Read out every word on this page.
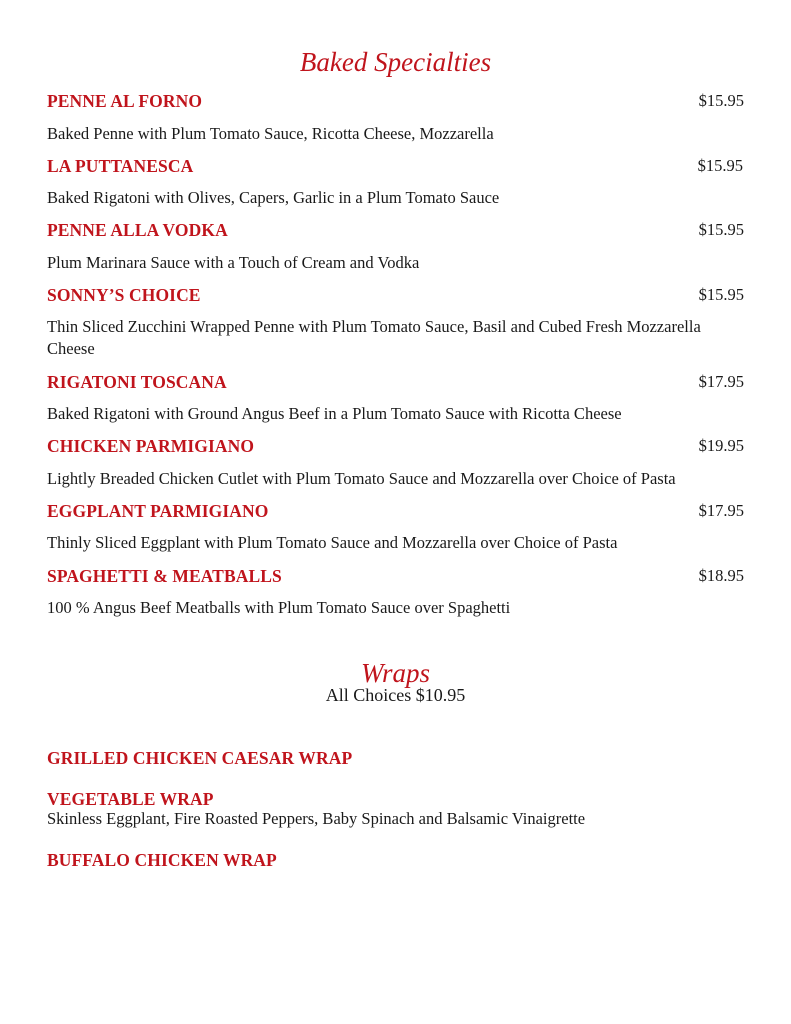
Baked Specialties
PENNE AL FORNO	$15.95
Baked Penne with Plum Tomato Sauce, Ricotta Cheese, Mozzarella
LA PUTTANESCA	$15.95
Baked Rigatoni with Olives, Capers, Garlic in a Plum Tomato Sauce
PENNE ALLA VODKA	$15.95
Plum Marinara Sauce with a Touch of Cream and Vodka
SONNY’S CHOICE	$15.95
Thin Sliced Zucchini Wrapped Penne with Plum Tomato Sauce, Basil and Cubed Fresh Mozzarella Cheese
RIGATONI TOSCANA	$17.95
Baked Rigatoni with Ground Angus Beef in a Plum Tomato Sauce with Ricotta Cheese
CHICKEN PARMIGIANO	$19.95
Lightly Breaded Chicken Cutlet with Plum Tomato Sauce and Mozzarella over Choice of Pasta
EGGPLANT PARMIGIANO	$17.95
Thinly Sliced Eggplant with Plum Tomato Sauce and Mozzarella over Choice of Pasta
SPAGHETTI & MEATBALLS	$18.95
100 % Angus Beef Meatballs with Plum Tomato Sauce over Spaghetti
Wraps
All Choices $10.95
GRILLED CHICKEN CAESAR WRAP
VEGETABLE WRAP
Skinless Eggplant, Fire Roasted Peppers, Baby Spinach and Balsamic Vinaigrette
BUFFALO CHICKEN WRAP
